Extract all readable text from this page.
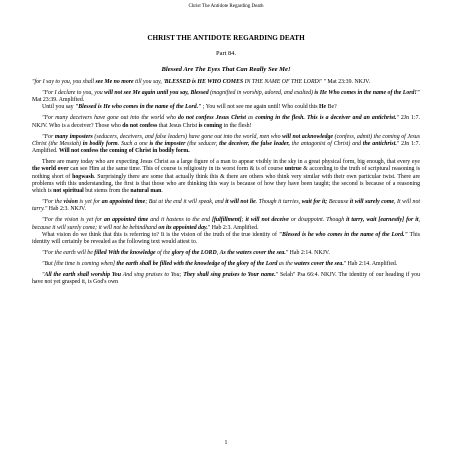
Christ The Antidote Regarding Death
CHRIST THE ANTIDOTE REGARDING DEATH
Part 84.
Blessed Are The Eyes That Can Really See Me!

"for I say to you, you shall see Me no more till you say, 'BLESSED is HE WHO COMES IN THE NAME OF THE LORD!' " Mat 23:39. NKJV.

"For I declare to you, you will not see Me again until you say, Blessed (magnified in worship, adored, and exalted) is He Who comes in the name of the Lord!" Mat 23:39. Amplified.

Until you say "Blessed is He who comes in the name of the Lord." ; You will not see me again until! Who could this He Be?

"For many deceivers have gone out into the world who do not confess Jesus Christ as coming in the flesh. This is a deceiver and an antichrist." 2Jn 1:7. NKJV. Who is a deceiver? Those who do not confess that Jesus Christ is coming in the flesh!

"For many imposters (seducers, deceivers, and false leaders) have gone out into the world, men who will not acknowledge (confess, admit) the coming of Jesus Christ (the Messiah) in bodily form. Such a one is the imposter (the seducer, the deceiver, the false leader, the antagonist of Christ) and the antichrist." 2Jn 1:7. Amplified. Will not confess the coming of Christ in bodily form.

There are many today who are expecting Jesus Christ as a large figure of a man to appear visibly in the sky in a great physical form, big enough, that every eye the world over can see Him at the same time. This of course is religiosity in its worst form & is of course untrue & according to the truth of scriptural reasoning is nothing short of hogwash. Surprisingly there are some that actually think this & there are others who think very similar with their own particular twist. There are problems with this understanding, the first is that those who are thinking this way is because of how they have been taught; the second is because of a reasoning which is not spiritual but stems from the natural man.

"For the vision is yet for an appointed time; But at the end it will speak, and it will not lie. Though it tarries, wait for it; Because it will surely come, It will not tarry." Hab 2:3. NKJV.

"For the vision is yet for an appointed time and it hastens to the end [fulfillment]; it will not deceive or disappoint. Though it tarry, wait [earnestly] for it, because it will surely come; it will not be behindhand on its appointed day." Hab 2:3. Amplified.

What vision do we think that this is referring to? It is the vision of the truth of the true identity of "Blessed is he who comes in the name of the Lord." This identity will certainly be revealed as the following text would attest to.

"For the earth will be filled With the knowledge of the glory of the LORD, As the waters cover the sea." Hab 2:14. NKJV.

"But [the time is coming when] the earth shall be filled with the knowledge of the glory of the Lord as the waters cover the sea." Hab 2:14. Amplified.

"All the earth shall worship You And sing praises to You; They shall sing praises to Your name." Selah" Psa 66:4. NKJV. The identity of our heading if you have not yet grasped it, is God's own

1
